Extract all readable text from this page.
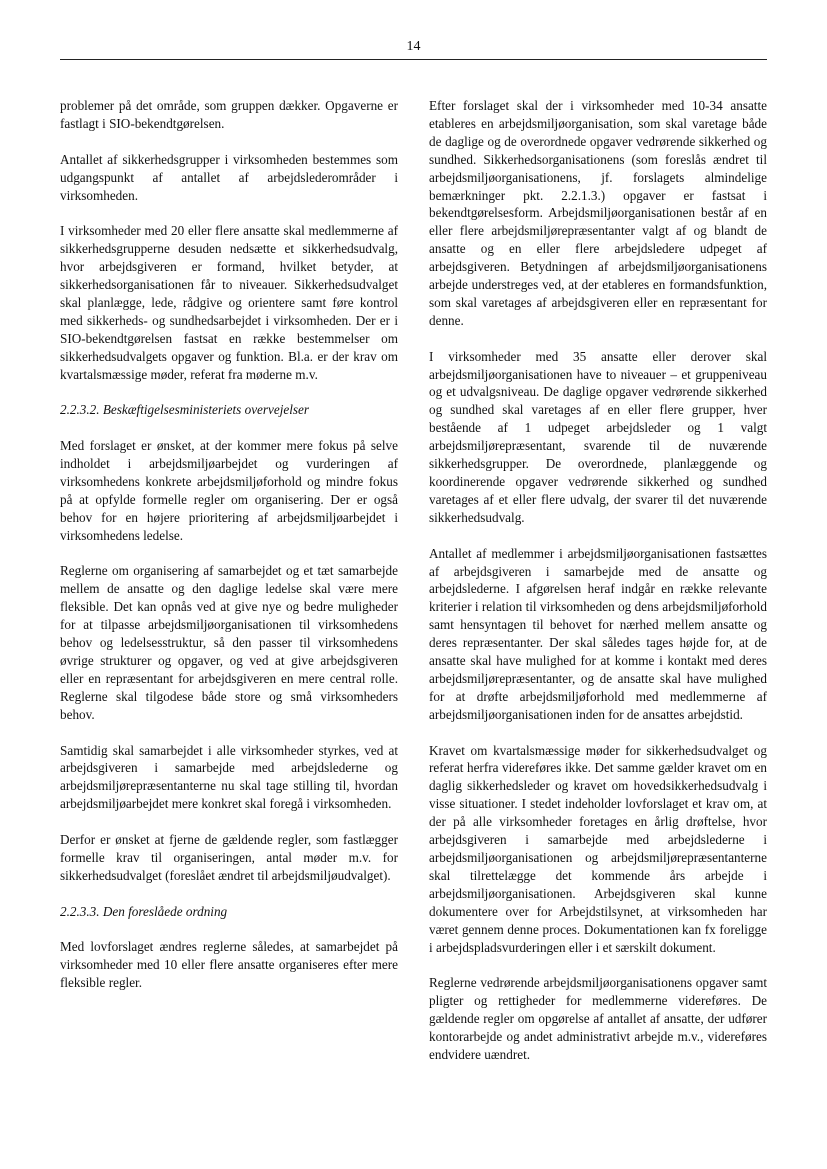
14

problemer på det område, som gruppen dækker. Opgaverne er fastlagt i SIO-bekendtgørelsen.

Antallet af sikkerhedsgrupper i virksomheden bestemmes som udgangspunkt af antallet af arbejdslederområder i virksomheden.

I virksomheder med 20 eller flere ansatte skal medlemmerne af sikkerhedsgrupperne desuden nedsætte et sikkerhedsudvalg, hvor arbejdsgiveren er formand, hvilket betyder, at sikkerhedsorganisationen får to niveauer. Sikkerhedsudvalget skal planlægge, lede, rådgive og orientere samt føre kontrol med sikkerheds- og sundhedsarbejdet i virksomheden. Der er i SIO-bekendtgørelsen fastsat en række bestemmelser om sikkerhedsudvalgets opgaver og funktion. Bl.a. er der krav om kvartalsmæssige møder, referat fra møderne m.v.

2.2.3.2. Beskæftigelsesministeriets overvejelser

Med forslaget er ønsket, at der kommer mere fokus på selve indholdet i arbejdsmiljøarbejdet og vurderingen af virksomhedens konkrete arbejdsmiljøforhold og mindre fokus på at opfylde formelle regler om organisering. Der er også behov for en højere prioritering af arbejdsmiljøarbejdet i virksomhedens ledelse.

Reglerne om organisering af samarbejdet og et tæt samarbejde mellem de ansatte og den daglige ledelse skal være mere fleksible. Det kan opnås ved at give nye og bedre muligheder for at tilpasse arbejdsmiljøorganisationen til virksomhedens behov og ledelsesstruktur, så den passer til virksomhedens øvrige strukturer og opgaver, og ved at give arbejdsgiveren eller en repræsentant for arbejdsgiveren en mere central rolle. Reglerne skal tilgodese både store og små virksomheders behov.

Samtidig skal samarbejdet i alle virksomheder styrkes, ved at arbejdsgiveren i samarbejde med arbejdslederne og arbejdsmiljørepræsentanterne nu skal tage stilling til, hvordan arbejdsmiljøarbejdet mere konkret skal foregå i virksomheden.

Derfor er ønsket at fjerne de gældende regler, som fastlægger formelle krav til organiseringen, antal møder m.v. for sikkerhedsudvalget (foreslået ændret til arbejdsmiljøudvalget).

2.2.3.3. Den foreslåede ordning

Med lovforslaget ændres reglerne således, at samarbejdet på virksomheder med 10 eller flere ansatte organiseres efter mere fleksible regler.

Efter forslaget skal der i virksomheder med 10-34 ansatte etableres en arbejdsmiljøorganisation, som skal varetage både de daglige og de overordnede opgaver vedrørende sikkerhed og sundhed. Sikkerhedsorganisationens (som foreslås ændret til arbejdsmiljøorganisationens, jf. forslagets almindelige bemærkninger pkt. 2.2.1.3.) opgaver er fastsat i bekendtgørelsesform. Arbejdsmiljøorganisationen består af en eller flere arbejdsmiljørepræsentanter valgt af og blandt de ansatte og en eller flere arbejdsledere udpeget af arbejdsgiveren. Betydningen af arbejdsmiljøorganisationens arbejde understreges ved, at der etableres en formandsfunktion, som skal varetages af arbejdsgiveren eller en repræsentant for denne.

I virksomheder med 35 ansatte eller derover skal arbejdsmiljøorganisationen have to niveauer – et gruppeniveau og et udvalgsniveau. De daglige opgaver vedrørende sikkerhed og sundhed skal varetages af en eller flere grupper, hver bestående af 1 udpeget arbejdsleder og 1 valgt arbejdsmiljørepræsentant, svarende til de nuværende sikkerhedsgrupper. De overordnede, planlæggende og koordinerende opgaver vedrørende sikkerhed og sundhed varetages af et eller flere udvalg, der svarer til det nuværende sikkerhedsudvalg.

Antallet af medlemmer i arbejdsmiljøorganisationen fastsættes af arbejdsgiveren i samarbejde med de ansatte og arbejdslederne. I afgørelsen heraf indgår en række relevante kriterier i relation til virksomheden og dens arbejdsmiljøforhold samt hensyntagen til behovet for nærhed mellem ansatte og deres repræsentanter. Der skal således tages højde for, at de ansatte skal have mulighed for at komme i kontakt med deres arbejdsmiljørepræsentanter, og de ansatte skal have mulighed for at drøfte arbejdsmiljøforhold med medlemmerne af arbejdsmiljøorganisationen inden for de ansattes arbejdstid.

Kravet om kvartalsmæssige møder for sikkerhedsudvalget og referat herfra videreføres ikke. Det samme gælder kravet om en daglig sikkerhedsleder og kravet om hovedsikkerhedsudvalg i visse situationer. I stedet indeholder lovforslaget et krav om, at der på alle virksomheder foretages en årlig drøftelse, hvor arbejdsgiveren i samarbejde med arbejdslederne i arbejdsmiljøorganisationen og arbejdsmiljørepræsentanterne skal tilrettelægge det kommende års arbejde i arbejdsmiljøorganisationen. Arbejdsgiveren skal kunne dokumentere over for Arbejdstilsynet, at virksomheden har været gennem denne proces. Dokumentationen kan fx foreligge i arbejdspladsvurderingen eller i et særskilt dokument.

Reglerne vedrørende arbejdsmiljøorganisationens opgaver samt pligter og rettigheder for medlemmerne videreføres. De gældende regler om opgørelse af antallet af ansatte, der udfører kontorarbejde og andet administrativt arbejde m.v., videreføres endvidere uændret.
